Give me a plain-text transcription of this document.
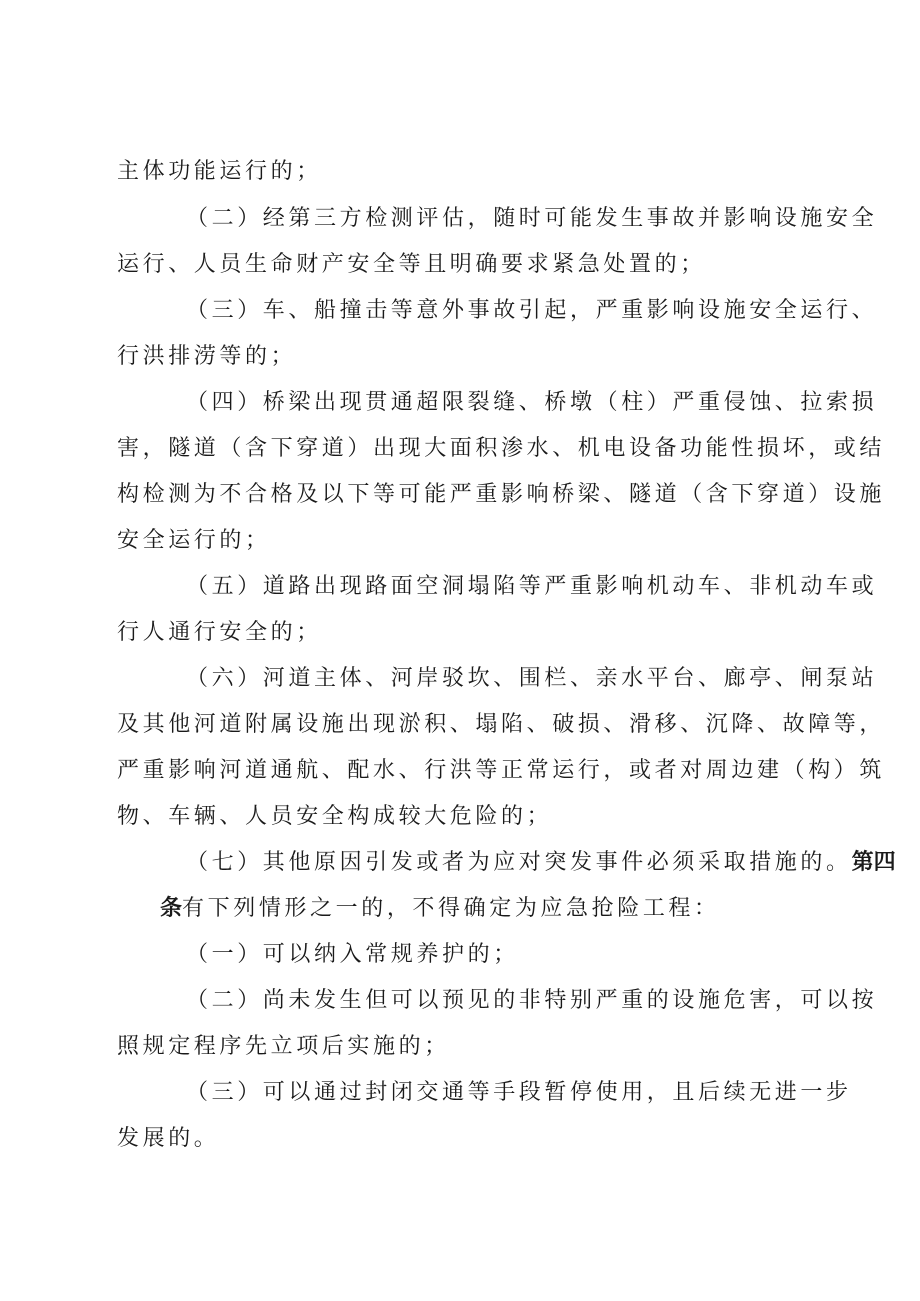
主体功能运行的；
（二）经第三方检测评估，随时可能发生事故并影响设施安全
运行、人员生命财产安全等且明确要求紧急处置的；
（三）车、船撞击等意外事故引起，严重影响设施安全运行、
行洪排涝等的；
（四）桥梁出现贯通超限裂缝、桥墩（柱）严重侵蚀、拉索损
害，隧道（含下穿道）出现大面积渗水、机电设备功能性损坏，或结
构检测为不合格及以下等可能严重影响桥梁、隧道（含下穿道）设施
安全运行的；
（五）道路出现路面空洞塌陷等严重影响机动车、非机动车或
行人通行安全的；
（六）河道主体、河岸驳坎、围栏、亲水平台、廊亭、闸泵站
及其他河道附属设施出现淤积、塌陷、破损、滑移、沉降、故障等，
严重影响河道通航、配水、行洪等正常运行，或者对周边建（构）筑
物、车辆、人员安全构成较大危险的；
（七）其他原因引发或者为应对突发事件必须采取措施的。第四
条有下列情形之一的，不得确定为应急抢险工程：
（一）可以纳入常规养护的；
（二）尚未发生但可以预见的非特别严重的设施危害，可以按
照规定程序先立项后实施的；
（三）可以通过封闭交通等手段暂停使用，且后续无进一步
发展的。
